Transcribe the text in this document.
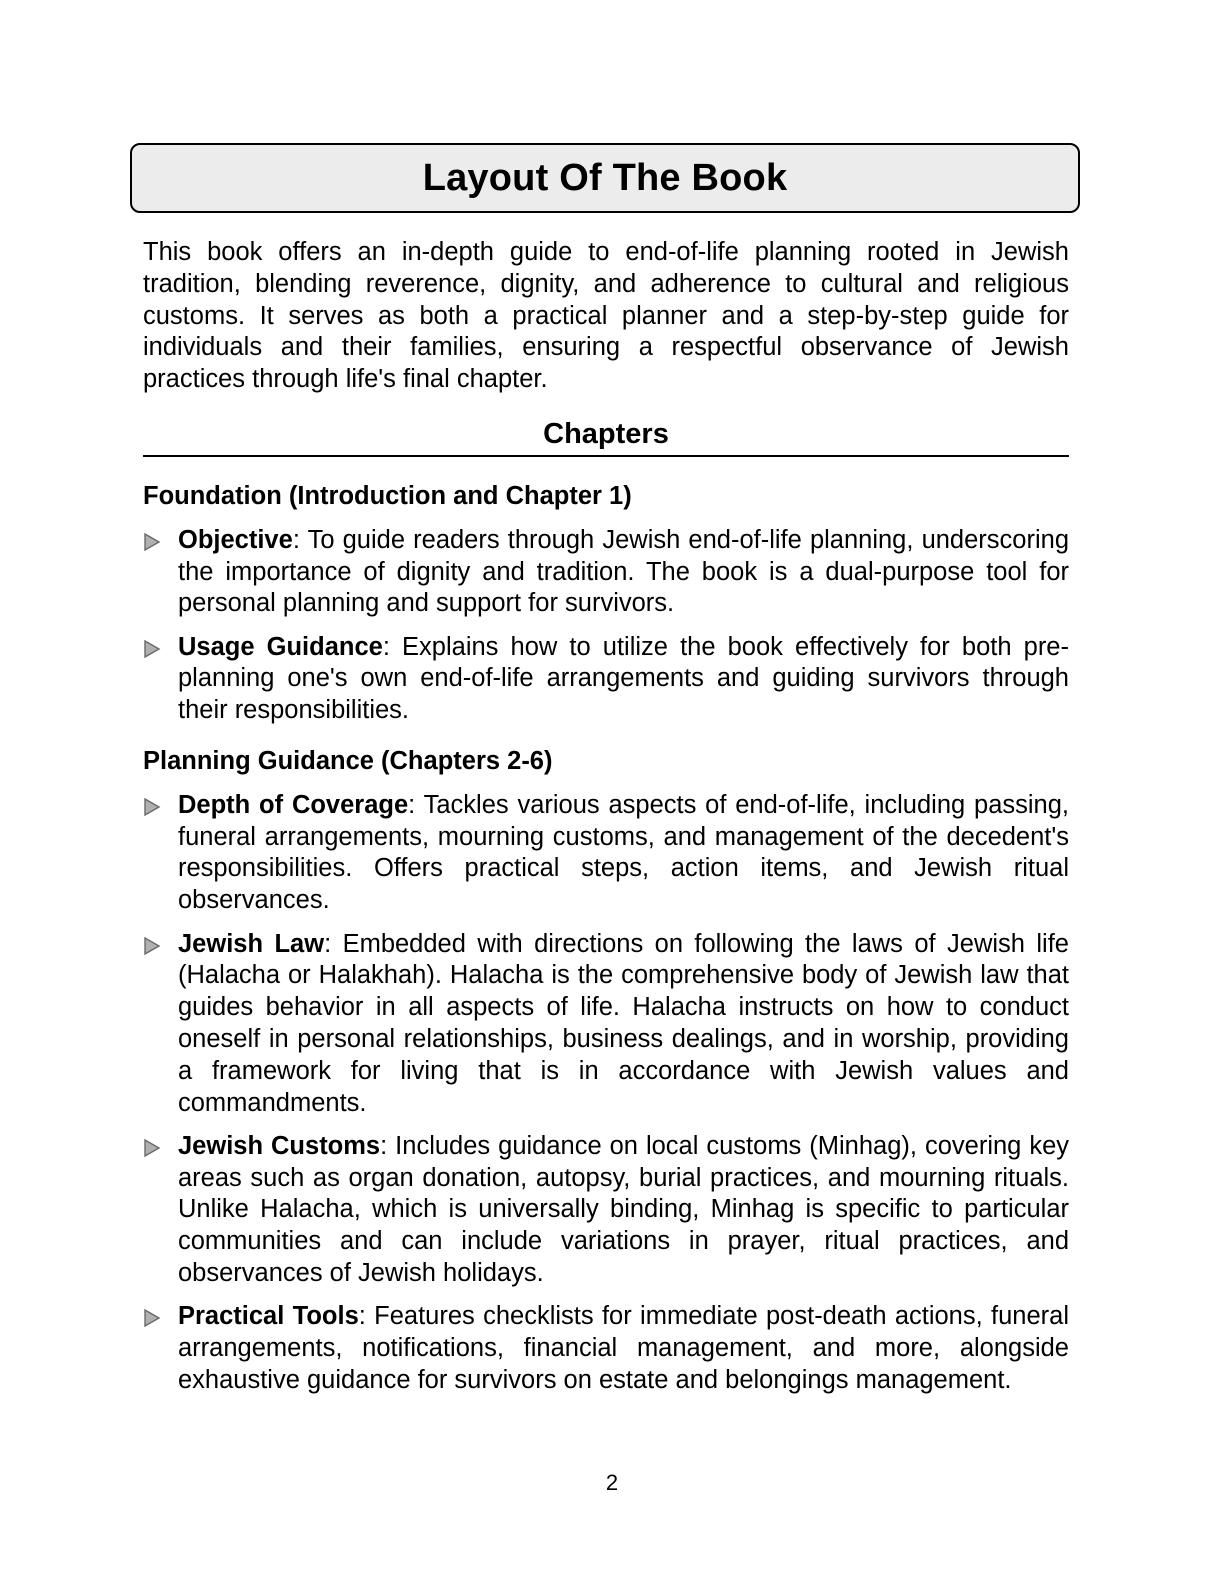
Layout Of The Book

This book offers an in-depth guide to end-of-life planning rooted in Jewish tradition, blending reverence, dignity, and adherence to cultural and religious customs. It serves as both a practical planner and a step-by-step guide for individuals and their families, ensuring a respectful observance of Jewish practices through life's final chapter.

Chapters
Foundation (Introduction and Chapter 1)
Objective: To guide readers through Jewish end-of-life planning, underscoring the importance of dignity and tradition. The book is a dual-purpose tool for personal planning and support for survivors.
Usage Guidance: Explains how to utilize the book effectively for both pre-planning one's own end-of-life arrangements and guiding survivors through their responsibilities.
Planning Guidance (Chapters 2-6)
Depth of Coverage: Tackles various aspects of end-of-life, including passing, funeral arrangements, mourning customs, and management of the decedent's responsibilities. Offers practical steps, action items, and Jewish ritual observances.
Jewish Law: Embedded with directions on following the laws of Jewish life (Halacha or Halakhah). Halacha is the comprehensive body of Jewish law that guides behavior in all aspects of life. Halacha instructs on how to conduct oneself in personal relationships, business dealings, and in worship, providing a framework for living that is in accordance with Jewish values and commandments.
Jewish Customs: Includes guidance on local customs (Minhag), covering key areas such as organ donation, autopsy, burial practices, and mourning rituals. Unlike Halacha, which is universally binding, Minhag is specific to particular communities and can include variations in prayer, ritual practices, and observances of Jewish holidays.
Practical Tools: Features checklists for immediate post-death actions, funeral arrangements, notifications, financial management, and more, alongside exhaustive guidance for survivors on estate and belongings management.
2
